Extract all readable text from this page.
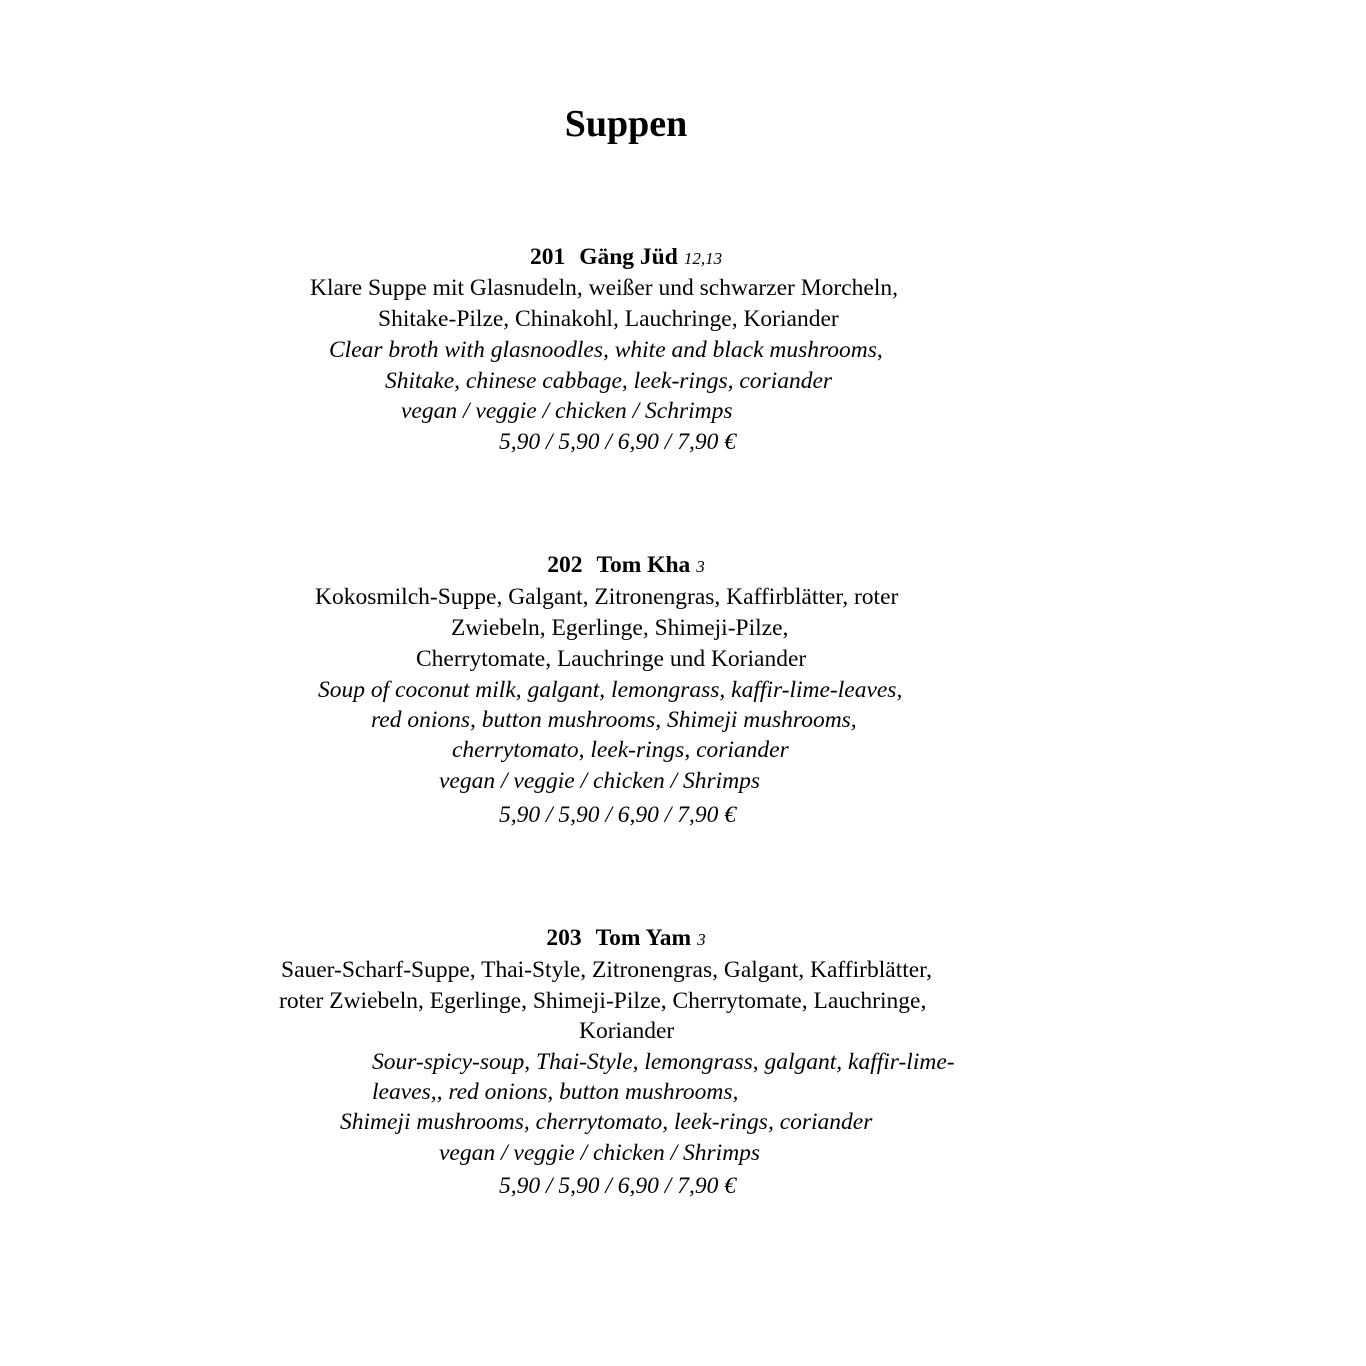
Suppen
201 Gäng Jüd 12,13
Klare Suppe mit Glasnudeln, weißer und schwarzer Morcheln,
Shitake-Pilze, Chinakohl, Lauchringe, Koriander
Clear broth with glasnoodles, white and black mushrooms,
Shitake, chinese cabbage, leek-rings, coriander
vegan / veggie / chicken / Schrimps
5,90 / 5,90 / 6,90 / 7,90 €
202 Tom Kha 3
Kokosmilch-Suppe, Galgant, Zitronengras, Kaffirblätter, roter
Zwiebeln, Egerlinge, Shimeji-Pilze,
Cherrytomate, Lauchringe und Koriander
Soup of coconut milk, galgant, lemongrass, kaffir-lime-leaves,
red onions, button mushrooms, Shimeji mushrooms,
cherrytomato, leek-rings, coriander
vegan / veggie / chicken / Shrimps
5,90 / 5,90 / 6,90 / 7,90 €
203 Tom Yam 3
Sauer-Scharf-Suppe, Thai-Style, Zitronengras, Galgant, Kaffirblätter,
roter Zwiebeln, Egerlinge, Shimeji-Pilze, Cherrytomate, Lauchringe,
Koriander
Sour-spicy-soup, Thai-Style, lemongrass, galgant, kaffir-lime-
leaves,, red onions, button mushrooms,
Shimeji mushrooms, cherrytomato, leek-rings, coriander
vegan / veggie / chicken / Shrimps
5,90 / 5,90 / 6,90 / 7,90 €
